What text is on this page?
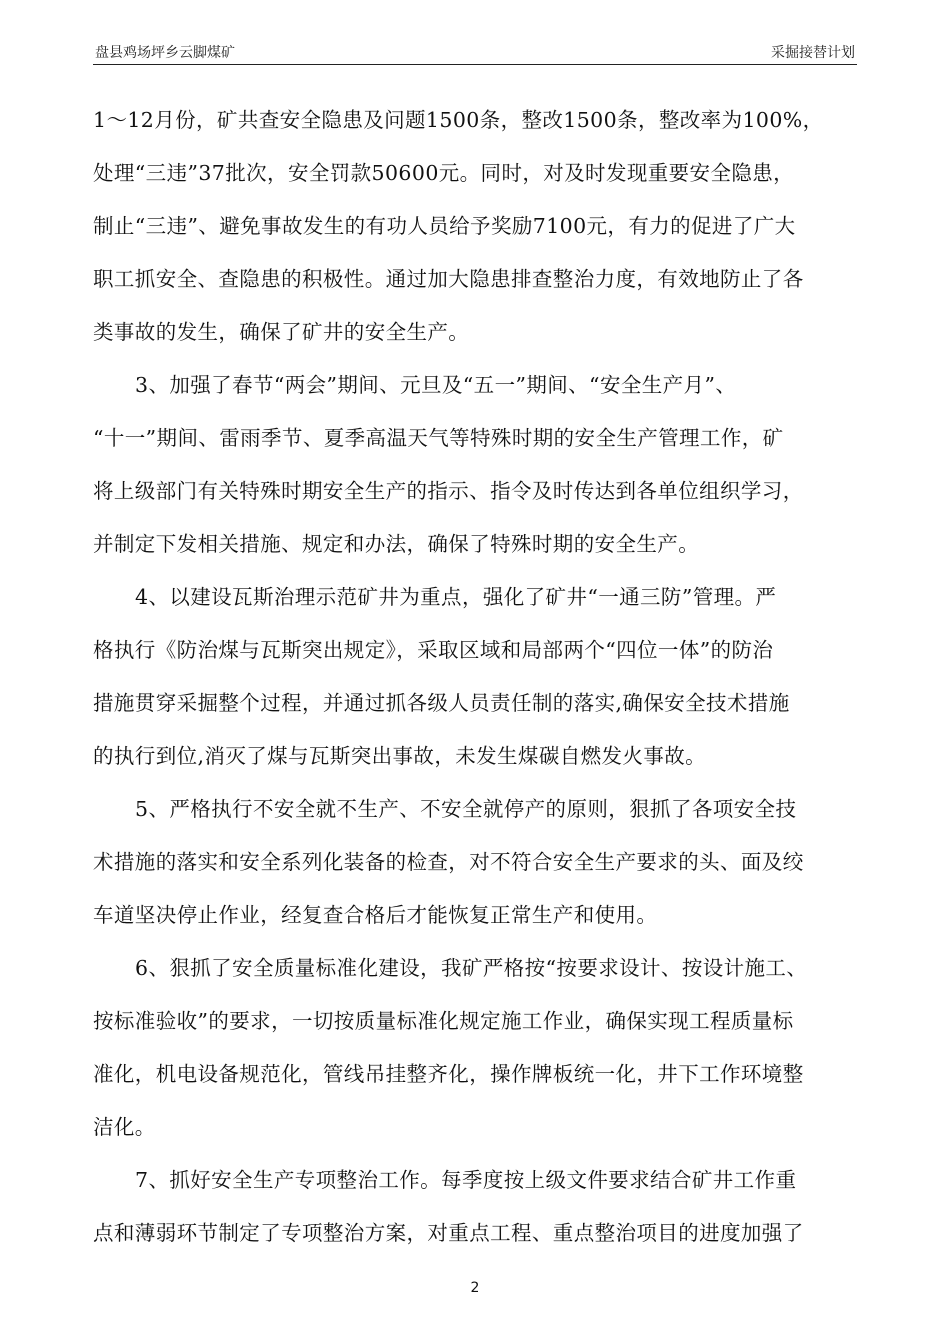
盘县鸡场坪乡云脚煤矿	采掘接替计划
1～12月份，矿共查安全隐患及问题1500条，整改1500条，整改率为100%，
处理“三违”37批次，安全罚款50600元。同时，对及时发现重要安全隐患，
制止“三违”、避免事故发生的有功人员给予奖励7100元，有力的促进了广大
职工抓安全、查隐患的积极性。通过加大隐患排查整治力度，有效地防止了各
类事故的发生，确保了矿井的安全生产。
3、加强了春节“两会”期间、元旦及“五一”期间、“安全生产月”、
“十一”期间、雷雨季节、夏季高温天气等特殊时期的安全生产管理工作，矿
将上级部门有关特殊时期安全生产的指示、指令及时传达到各单位组织学习，
并制定下发相关措施、规定和办法，确保了特殊时期的安全生产。
4、以建设瓦斯治理示范矿井为重点，强化了矿井“一通三防”管理。严
格执行《防治煤与瓦斯突出规定》，采取区域和局部两个“四位一体”的防治
措施贯穿采掘整个过程，并通过抓各级人员责任制的落实,确保安全技术措施
的执行到位,消灭了煤与瓦斯突出事故，未发生煤碳自燃发火事故。
5、严格执行不安全就不生产、不安全就停产的原则，狠抓了各项安全技
术措施的落实和安全系列化装备的检查，对不符合安全生产要求的头、面及绞
车道坚决停止作业，经复查合格后才能恢复正常生产和使用。
6、狠抓了安全质量标准化建设，我矿严格按“按要求设计、按设计施工、
按标准验收”的要求，一切按质量标准化规定施工作业，确保实现工程质量标
准化，机电设备规范化，管线吊挂整齐化，操作牌板统一化，井下工作环境整
洁化。
7、抓好安全生产专项整治工作。每季度按上级文件要求结合矿井工作重
点和薄弱环节制定了专项整治方案，对重点工程、重点整治项目的进度加强了
2
